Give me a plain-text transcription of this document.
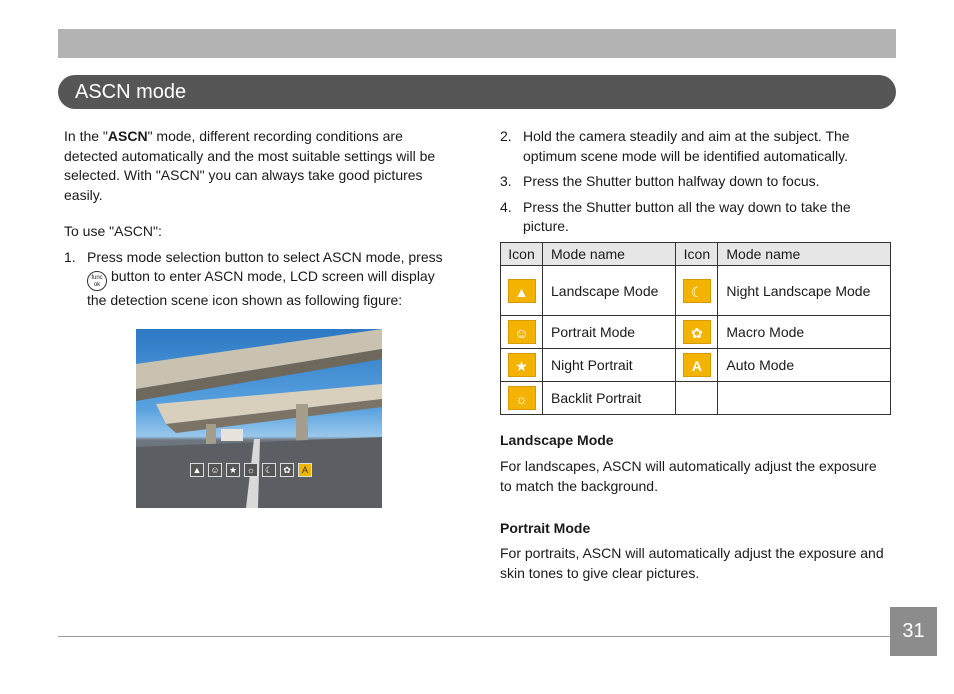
ASCN mode

In the "ASCN" mode, different recording conditions are detected automatically and the most suitable settings will be selected. With "ASCN" you can always take good pictures easily.

To use "ASCN":

1. Press mode selection button to select ASCN mode, press
func
okbutton to enter ASCN mode, LCD screen will display the detection scene icon shown as following figure:
▲ ☺	★	☼	☾	✿	A
2. Hold the camera steadily and aim at the subject. The optimum scene mode will be identified automatically.
3. Press the Shutter button halfway down to focus.
4. Press the Shutter button all the way down to take the picture.
Icon	Mode name	Icon	Mode name
▲	Landscape Mode	☾	Night Landscape Mode
☺	Portrait Mode	✿	Macro Mode
★	Night Portrait	A	Auto Mode
☼	Backlit Portrait		

Landscape Mode

For landscapes, ASCN will automatically adjust the exposure to match the background.

Portrait Mode

For portraits, ASCN will automatically adjust the exposure and skin tones to give clear pictures.

31
